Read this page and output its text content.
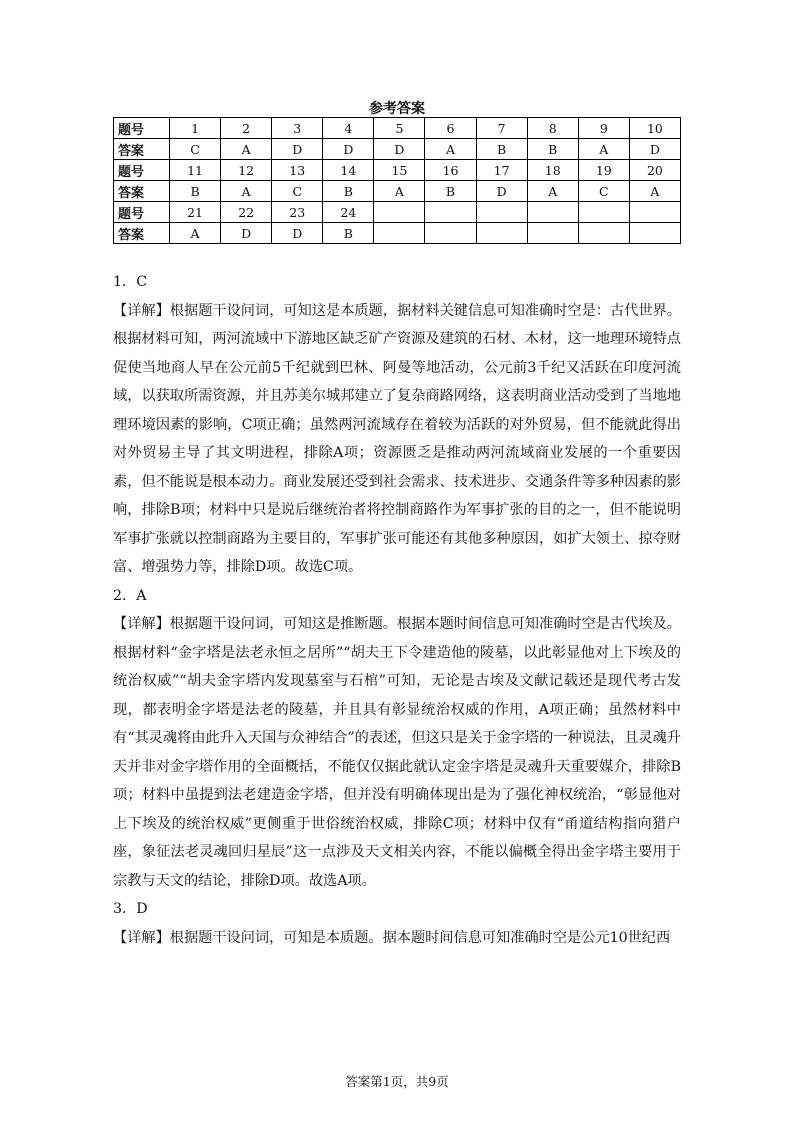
参考答案
题号	1	2	3	4	5	6	7	8	9	10
答案	C	A	D	D	D	A	B	B	A	D
题号	11	12	13	14	15	16	17	18	19	20
答案	B	A	C	B	A	B	D	A	C	A
题号	21	22	23	24						
答案	A	D	D	B						

1．C

【详解】根据题干设问词，可知这是本质题，据材料关键信息可知准确时空是：古代世界。根据材料可知，两河流域中下游地区缺乏矿产资源及建筑的石材、木材，这一地理环境特点促使当地商人早在公元前5千纪就到巴林、阿曼等地活动，公元前3千纪又活跃在印度河流域，以获取所需资源，并且苏美尔城邦建立了复杂商路网络，这表明商业活动受到了当地地理环境因素的影响，C项正确；虽然两河流域存在着较为活跃的对外贸易，但不能就此得出对外贸易主导了其文明进程，排除A项；资源匮乏是推动两河流域商业发展的一个重要因素，但不能说是根本动力。商业发展还受到社会需求、技术进步、交通条件等多种因素的影响，排除B项；材料中只是说后继统治者将控制商路作为军事扩张的目的之一，但不能说明军事扩张就以控制商路为主要目的，军事扩张可能还有其他多种原因，如扩大领土、掠夺财富、增强势力等，排除D项。故选C项。

2．A

【详解】根据题干设问词，可知这是推断题。根据本题时间信息可知准确时空是古代埃及。根据材料“金字塔是法老永恒之居所”“胡夫王下令建造他的陵墓，以此彰显他对上下埃及的统治权威”“胡夫金字塔内发现墓室与石棺”可知，无论是古埃及文献记载还是现代考古发现，都表明金字塔是法老的陵墓，并且具有彰显统治权威的作用，A项正确；虽然材料中有“其灵魂将由此升入天国与众神结合”的表述，但这只是关于金字塔的一种说法，且灵魂升天并非对金字塔作用的全面概括，不能仅仅据此就认定金字塔是灵魂升天重要媒介，排除B项；材料中虽提到法老建造金字塔，但并没有明确体现出是为了强化神权统治，“彰显他对上下埃及的统治权威”更侧重于世俗统治权威，排除C项；材料中仅有“甬道结构指向猎户座，象征法老灵魂回归星辰”这一点涉及天文相关内容，不能以偏概全得出金字塔主要用于宗教与天文的结论，排除D项。故选A项。

3．D

【详解】根据题干设问词，可知是本质题。据本题时间信息可知准确时空是公元10世纪西

答案第1页，共9页
